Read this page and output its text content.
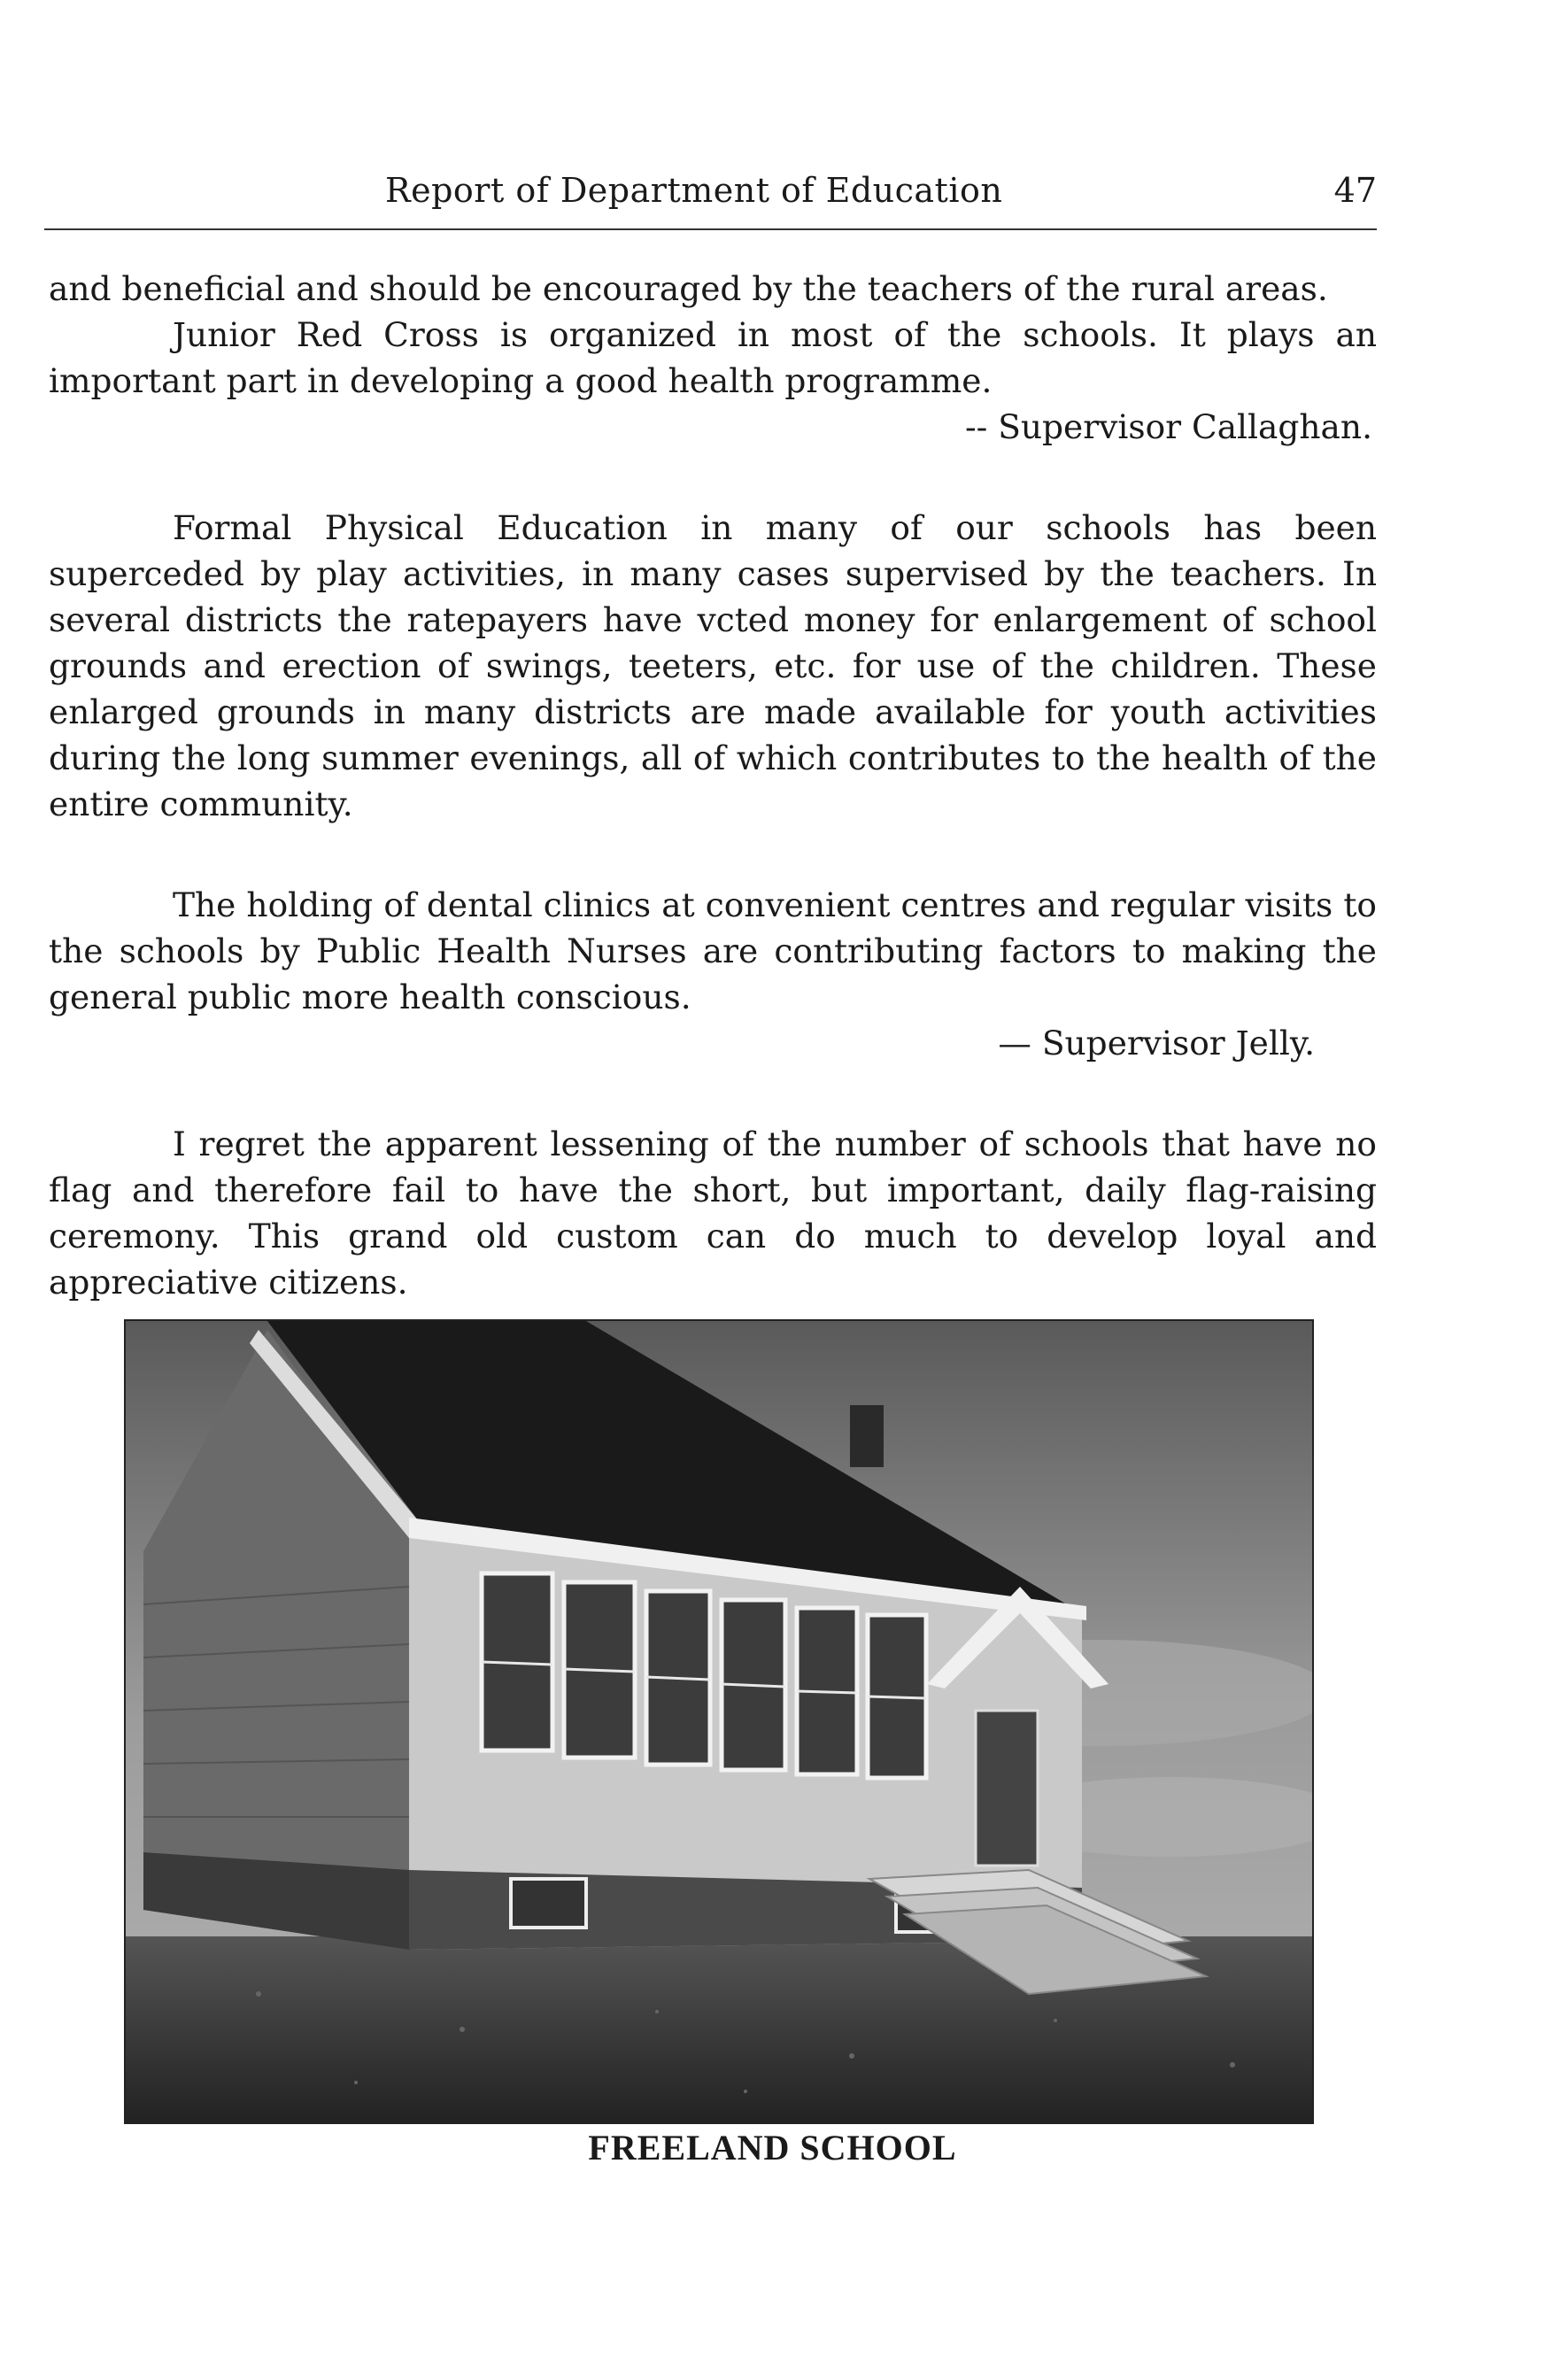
Report of Department of Education	47

and beneficial and should be encouraged by the teachers of the rural areas.

Junior Red Cross is organized in most of the schools. It plays an important part in developing a good health programme.

-- Supervisor Callaghan.

Formal Physical Education in many of our schools has been superceded by play activities, in many cases supervised by the teachers. In several districts the ratepayers have vcted money for enlargement of school grounds and erection of swings, teeters, etc. for use of the children. These enlarged grounds in many districts are made available for youth activities during the long summer evenings, all of which contributes to the health of the entire community.

The holding of dental clinics at convenient centres and regular visits to the schools by Public Health Nurses are contributing factors to making the general public more health conscious.

— Supervisor Jelly.

I regret the apparent lessening of the number of schools that have no flag and therefore fail to have the short, but important, daily flag-raising ceremony. This grand old custom can do much to develop loyal and appreciative citizens.

FREELAND SCHOOL
